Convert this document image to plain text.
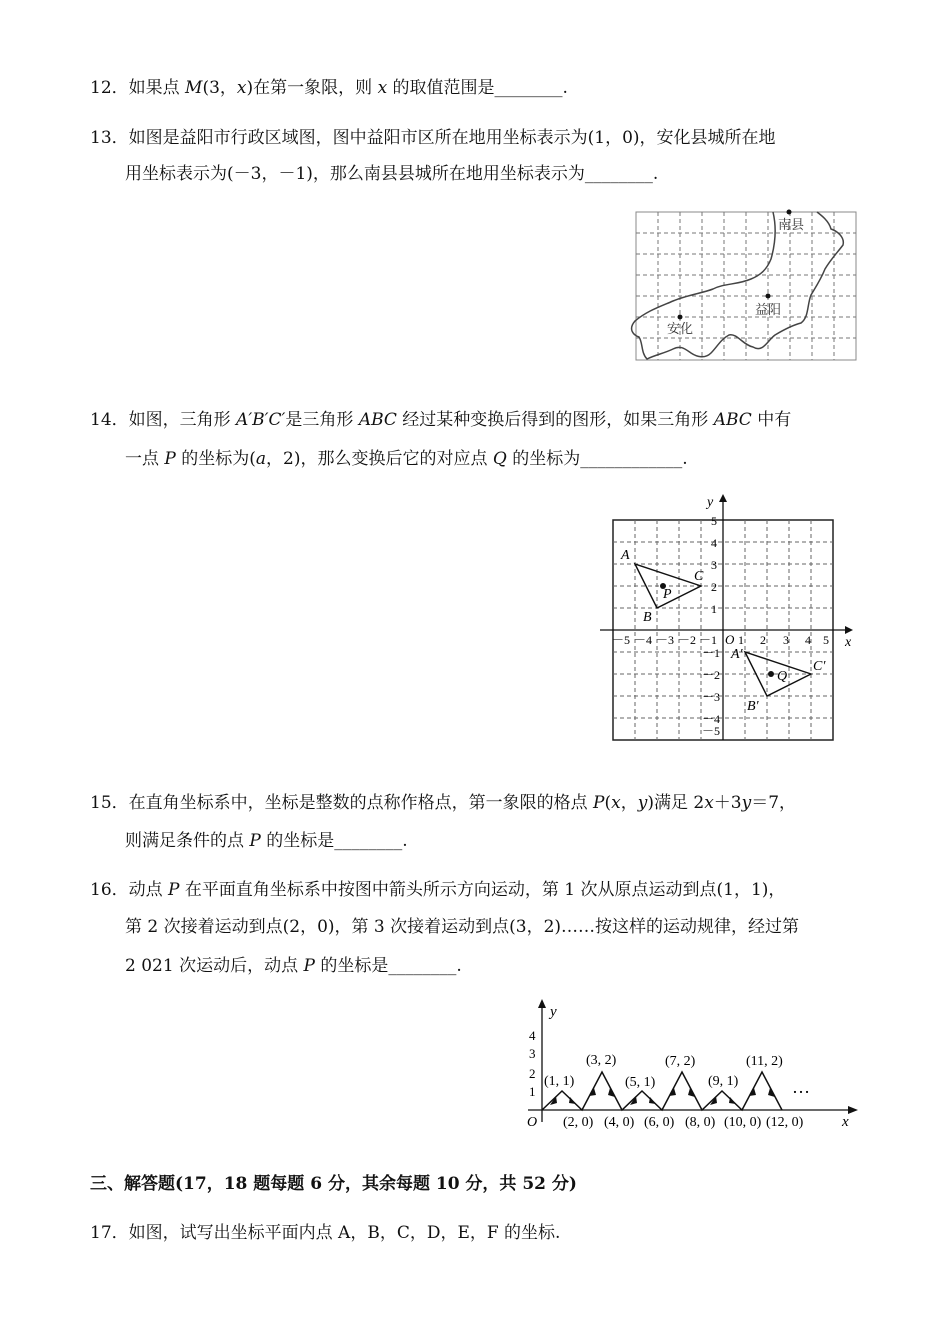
12．如果点 M(3，x)在第一象限，则 x 的取值范围是________.
13．如图是益阳市行政区域图，图中益阳市区所在地用坐标表示为(1，0)，安化县城所在地
用坐标表示为(－3，－1)，那么南县县城所在地用坐标表示为________.
南县
益阳
安化
14．如图，三角形 A′B′C′是三角形 ABC 经过某种变换后得到的图形，如果三角形 ABC 中有
一点 P 的坐标为(a，2)，那么变换后它的对应点 Q 的坐标为____________.
x
y
O
－5 －4 －3 －2 －1 1 2 3 4 5
5
4
3
2
1
－1
－2
－3
－4
－5
A
B
C
P
A′
B′
C′
Q
15．在直角坐标系中，坐标是整数的点称作格点，第一象限的格点 P(x，y)满足 2x＋3y＝7，
则满足条件的点 P 的坐标是________.
16．动点 P 在平面直角坐标系中按图中箭头所示方向运动，第 1 次从原点运动到点(1，1)，
第 2 次接着运动到点(2，0)，第 3 次接着运动到点(3，2)……按这样的运动规律，经过第
2 021 次运动后，动点 P 的坐标是________.
y
x
O
1
2
3
4
(1, 1)
(3, 2)
(5, 1)
(7, 2)
(9, 1)
(11, 2)
(2, 0) (4, 0) (6, 0) (8, 0) (10, 0) (12, 0)
…
三、解答题(17，18 题每题 6 分，其余每题 10 分，共 52 分)
17．如图，试写出坐标平面内点 A，B，C，D，E，F 的坐标.
